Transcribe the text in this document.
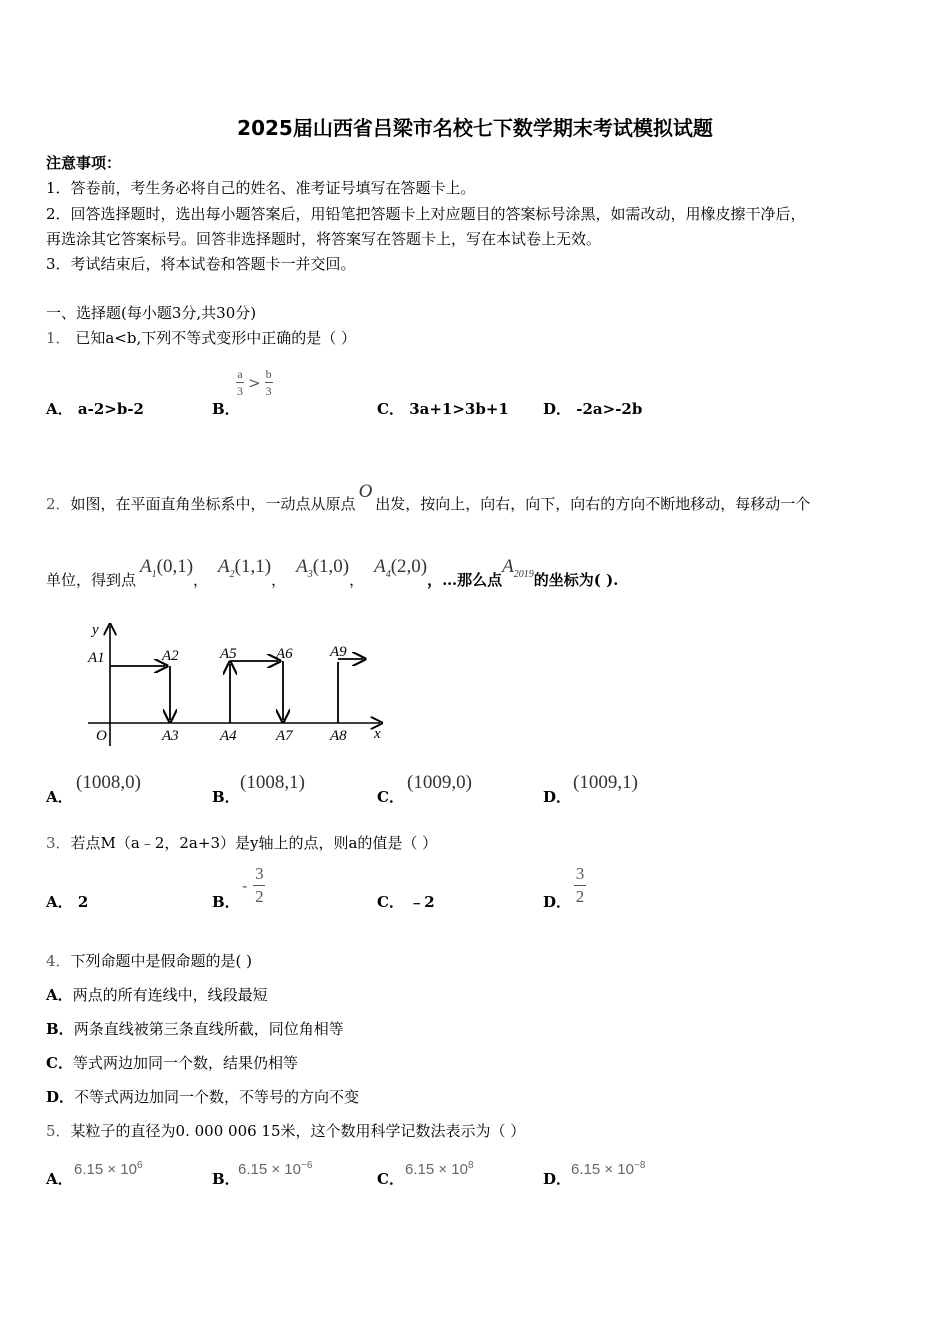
2025届山西省吕梁市名校七下数学期末考试模拟试题
注意事项：
1．答卷前，考生务必将自己的姓名、准考证号填写在答题卡上。
2．回答选择题时，选出每小题答案后，用铅笔把答题卡上对应题目的答案标号涂黑，如需改动，用橡皮擦干净后，
再选涂其它答案标号。回答非选择题时，将答案写在答题卡上，写在本试卷上无效。
3．考试结束后，将本试卷和答题卡一并交回。
一、选择题(每小题3分,共30分)
1． 已知a<b,下列不等式变形中正确的是（ ）
A． a-2>b-2	B．
$\frac{a}{3} > \frac{b}{3}$
C． 3a+1>3b+1 D． -2a>-2b
2．如图，在平面直角坐标系中，一动点从原点O出发，按向上，向右，向下，向右的方向不断地移动，每移动一个
单位，得到点
$A_1(0,1)$
，
$A_2(1,1)$
，
$A_3(1,0)$
，
$A_4(2,0)$
， …那么点
$A_{2019}$ 的坐标为( ).
y
x
O
A1	A2
A3	A4
A5	A6
A7 A8
A9
A．
(1008,0)
B．
(1008,1)
C．
(1009,0)
D．
(1009,1)
3．若点M（a﹣2，2a+3）是y轴上的点，则a的值是（ ）
A． 2	B．
- $\frac{3}{2}$	C． ﹣2	D． $\frac{3}{2}$
4．下列命题中是假命题的是( )
A．两点的所有连线中，线段最短
B．两条直线被第三条直线所截，同位角相等
C．等式两边加同一个数，结果仍相等
D．不等式两边加同一个数，不等号的方向不变
5．某粒子的直径为0. 000 006 15米，这个数用科学记数法表示为（ ）
A．
$6.15 \times 10^6$
B．
$6.15 \times 10^{-6}$
C．
$6.15 \times 10^8$
D．
$6.15 \times 10^{-8}$
